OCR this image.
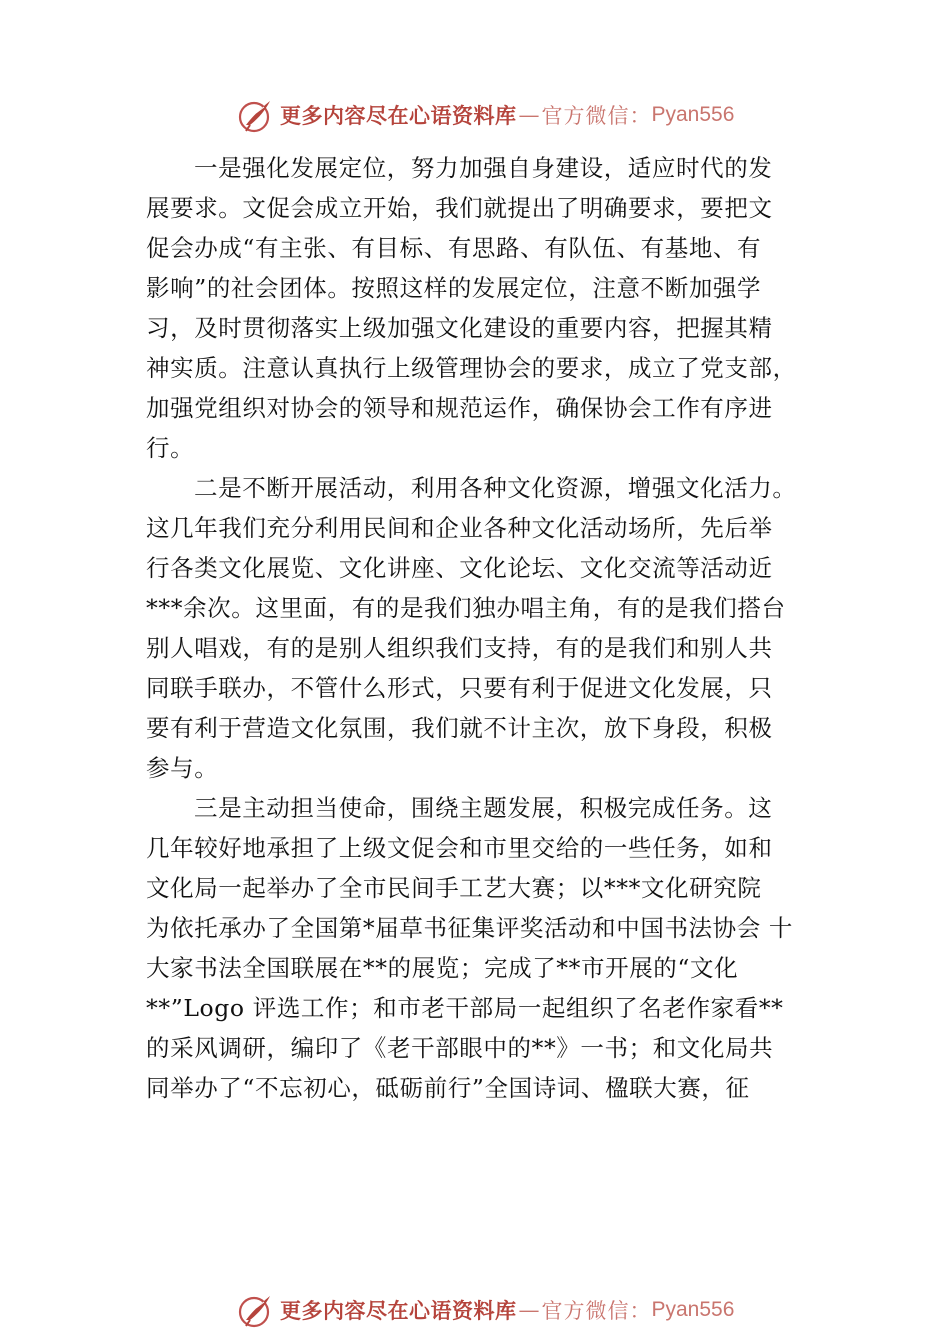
更多内容尽在心语资料库 — 官方微信： Pyan556

一是强化发展定位，努力加强自身建设，适应时代的发
展要求。文促会成立开始，我们就提出了明确要求，要把文
促会办成“有主张、有目标、有思路、有队伍、有基地、有
影响”的社会团体。按照这样的发展定位，注意不断加强学
习，及时贯彻落实上级加强文化建设的重要内容，把握其精
神实质。注意认真执行上级管理协会的要求，成立了党支部，
加强党组织对协会的领导和规范运作，确保协会工作有序进
行。

二是不断开展活动，利用各种文化资源，增强文化活力。
这几年我们充分利用民间和企业各种文化活动场所，先后举
行各类文化展览、文化讲座、文化论坛、文化交流等活动近
***余次。这里面，有的是我们独办唱主角，有的是我们搭台
别人唱戏，有的是别人组织我们支持，有的是我们和别人共
同联手联办，不管什么形式，只要有利于促进文化发展，只
要有利于营造文化氛围，我们就不计主次，放下身段，积极
参与。

三是主动担当使命，围绕主题发展，积极完成任务。这
几年较好地承担了上级文促会和市里交给的一些任务，如和
文化局一起举办了全市民间手工艺大赛；以***文化研究院
为依托承办了全国第*届草书征集评奖活动和中国书法协会 十
大家书法全国联展在**的展览；完成了**市开展的“文化
**”Logo 评选工作；和市老干部局一起组织了名老作家看**
的采风调研，编印了《老干部眼中的**》一书；和文化局共
同举办了“不忘初心，砥砺前行”全国诗词、楹联大赛，征

更多内容尽在心语资料库 — 官方微信： Pyan556
